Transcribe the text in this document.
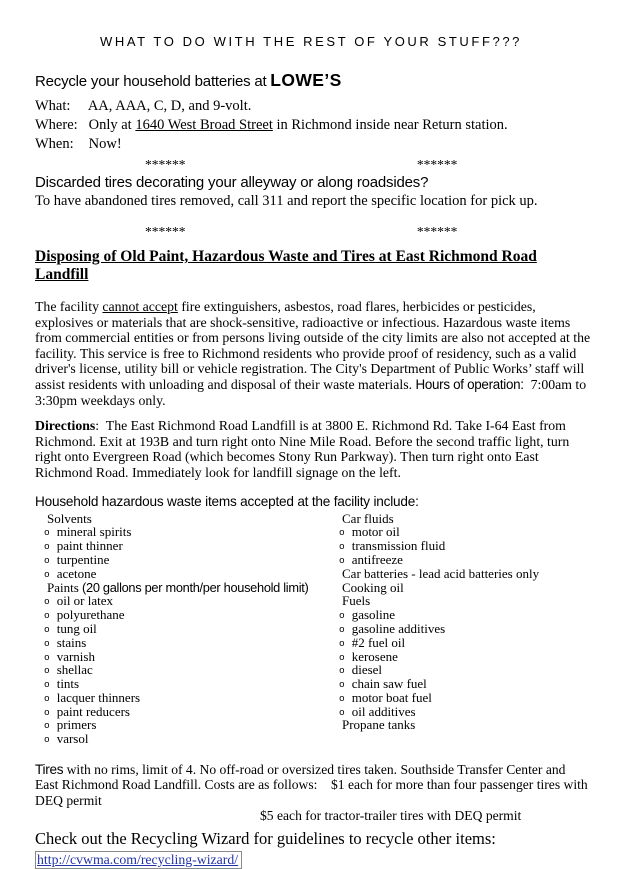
WHAT TO DO WITH THE REST OF YOUR STUFF???
Recycle your household batteries at LOWE’S
What: AA, AAA, C, D, and 9-volt.
Where: Only at 1640 West Broad Street in Richmond inside near Return station.
When: Now!
******	******
Discarded tires decorating your alleyway or along roadsides?
To have abandoned tires removed, call 311 and report the specific location for pick up.
******	******
Disposing of Old Paint, Hazardous Waste and Tires at East Richmond Road Landfill
The facility cannot accept fire extinguishers, asbestos, road flares, herbicides or pesticides, explosives or materials that are shock-sensitive, radioactive or infectious. Hazardous waste items from commercial entities or from persons living outside of the city limits are also not accepted at the facility. This service is free to Richmond residents who provide proof of residency, such as a valid driver's license, utility bill or vehicle registration. The City's Department of Public Works’ staff will assist residents with unloading and disposal of their waste materials. Hours of operation:  7:00am to 3:30pm weekdays only.
Directions:  The East Richmond Road Landfill is at 3800 E. Richmond Rd. Take I-64 East from Richmond. Exit at 193B and turn right onto Nine Mile Road. Before the second traffic light, turn right onto Evergreen Road (which becomes Stony Run Parkway). Then turn right onto East Richmond Road. Immediately look for landfill signage on the left.
Household hazardous waste items accepted at the facility include:
Solvents	Car fluids
o mineral spirits	o motor oil
o paint thinner	o transmission fluid
o turpentine	o antifreeze
o acetone	Car batteries - lead acid batteries only
Paints (20 gallons per month/per household limit)	Cooking oil
o oil or latex	Fuels
o polyurethane	o gasoline
o tung oil	o gasoline additives
o stains	o #2 fuel oil
o varnish	o kerosene
o shellac	o diesel
o tints	o chain saw fuel
o lacquer thinners	o motor boat fuel
o paint reducers	o oil additives
o primers	Propane tanks
o varsol
Tires with no rims, limit of 4. No off-road or oversized tires taken. Southside Transfer Center and East Richmond Road Landfill. Costs are as follows:    $1 each for more than four passenger tires with DEQ permit
$5 each for tractor-trailer tires with DEQ permit
Check out the Recycling Wizard for guidelines to recycle other items:
http://cvwma.com/recycling-wizard/
